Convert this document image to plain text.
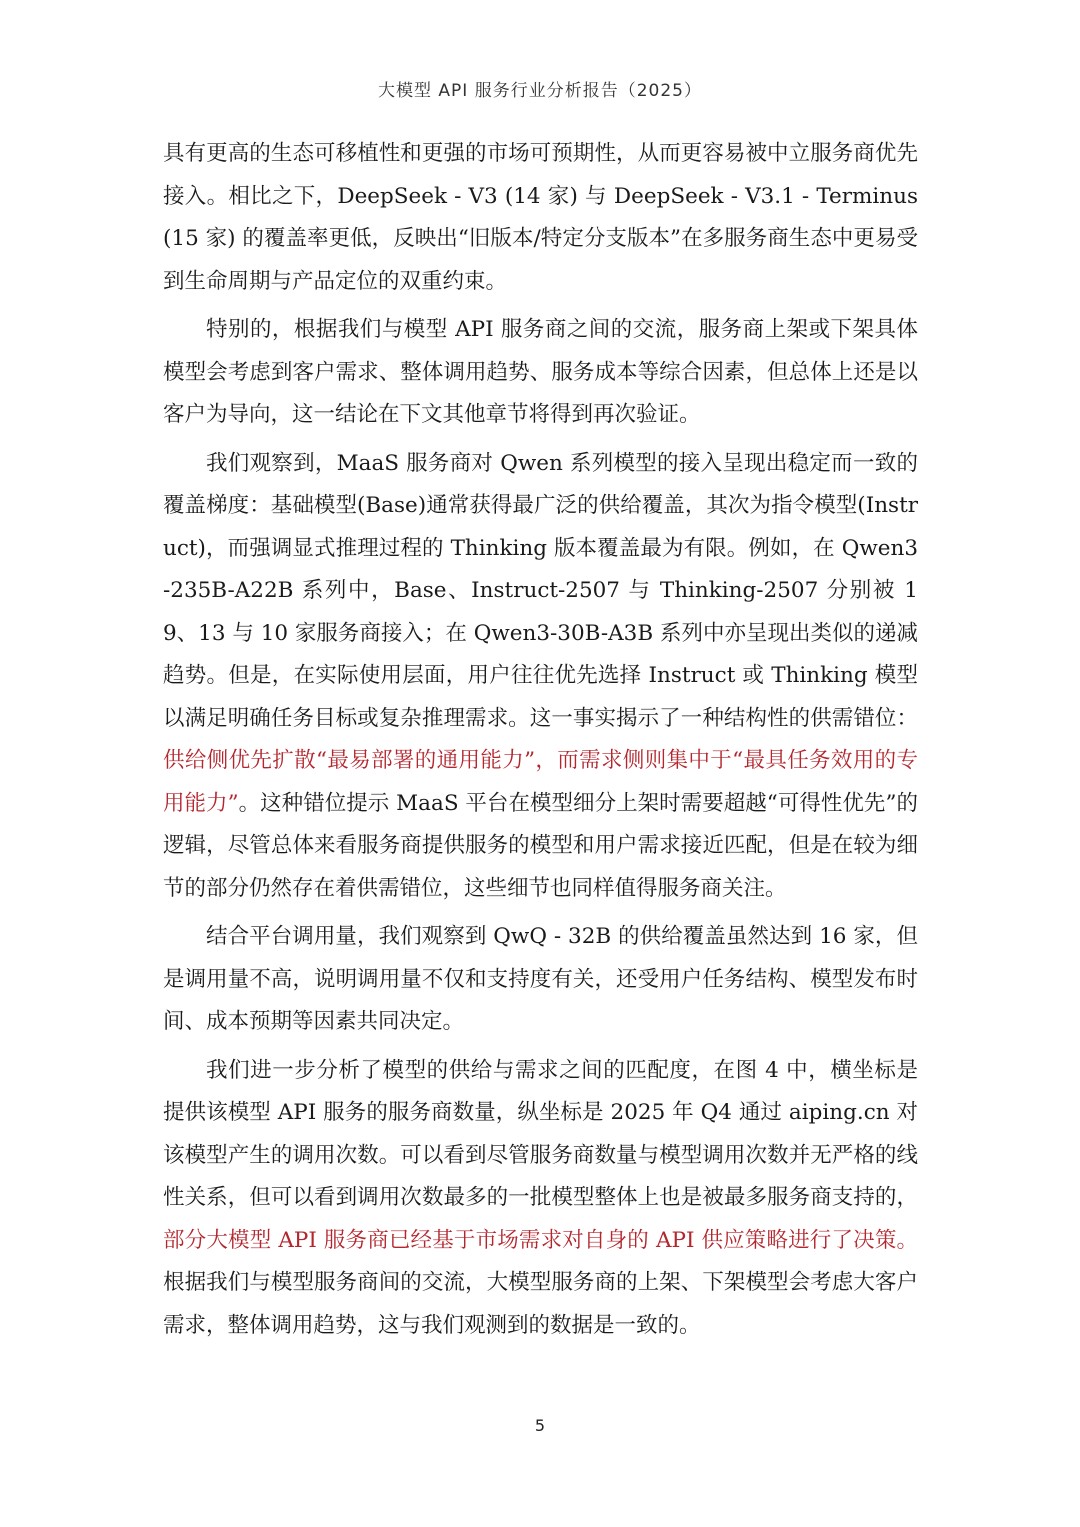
大模型 API 服务行业分析报告（2025）

具有更高的生态可移植性和更强的市场可预期性，从而更容易被中立服务商优先接入。相比之下，DeepSeek - V3 (14 家) 与 DeepSeek - V3.1 - Terminus (15 家) 的覆盖率更低，反映出“旧版本/特定分支版本”在多服务商生态中更易受到生命周期与产品定位的双重约束。

特别的，根据我们与模型 API 服务商之间的交流，服务商上架或下架具体模型会考虑到客户需求、整体调用趋势、服务成本等综合因素，但总体上还是以客户为导向，这一结论在下文其他章节将得到再次验证。

我们观察到，MaaS 服务商对 Qwen 系列模型的接入呈现出稳定而一致的覆盖梯度：基础模型(Base)通常获得最广泛的供给覆盖，其次为指令模型(Instruct)，而强调显式推理过程的 Thinking 版本覆盖最为有限。例如，在 Qwen3-235B-A22B 系列中，Base、Instruct-2507 与 Thinking-2507 分别被 19、13 与 10 家服务商接入；在 Qwen3-30B-A3B 系列中亦呈现出类似的递减趋势。但是，在实际使用层面，用户往往优先选择 Instruct 或 Thinking 模型以满足明确任务目标或复杂推理需求。这一事实揭示了一种结构性的供需错位：供给侧优先扩散“最易部署的通用能力”，而需求侧则集中于“最具任务效用的专用能力”。这种错位提示 MaaS 平台在模型细分上架时需要超越“可得性优先”的逻辑，尽管总体来看服务商提供服务的模型和用户需求接近匹配，但是在较为细节的部分仍然存在着供需错位，这些细节也同样值得服务商关注。

结合平台调用量，我们观察到 QwQ - 32B 的供给覆盖虽然达到 16 家，但是调用量不高，说明调用量不仅和支持度有关，还受用户任务结构、模型发布时间、成本预期等因素共同决定。

我们进一步分析了模型的供给与需求之间的匹配度，在图 4 中，横坐标是提供该模型 API 服务的服务商数量，纵坐标是 2025 年 Q4 通过 aiping.cn 对该模型产生的调用次数。可以看到尽管服务商数量与模型调用次数并无严格的线性关系，但可以看到调用次数最多的一批模型整体上也是被最多服务商支持的，部分大模型 API 服务商已经基于市场需求对自身的 API 供应策略进行了决策。根据我们与模型服务商间的交流，大模型服务商的上架、下架模型会考虑大客户需求，整体调用趋势，这与我们观测到的数据是一致的。

5
